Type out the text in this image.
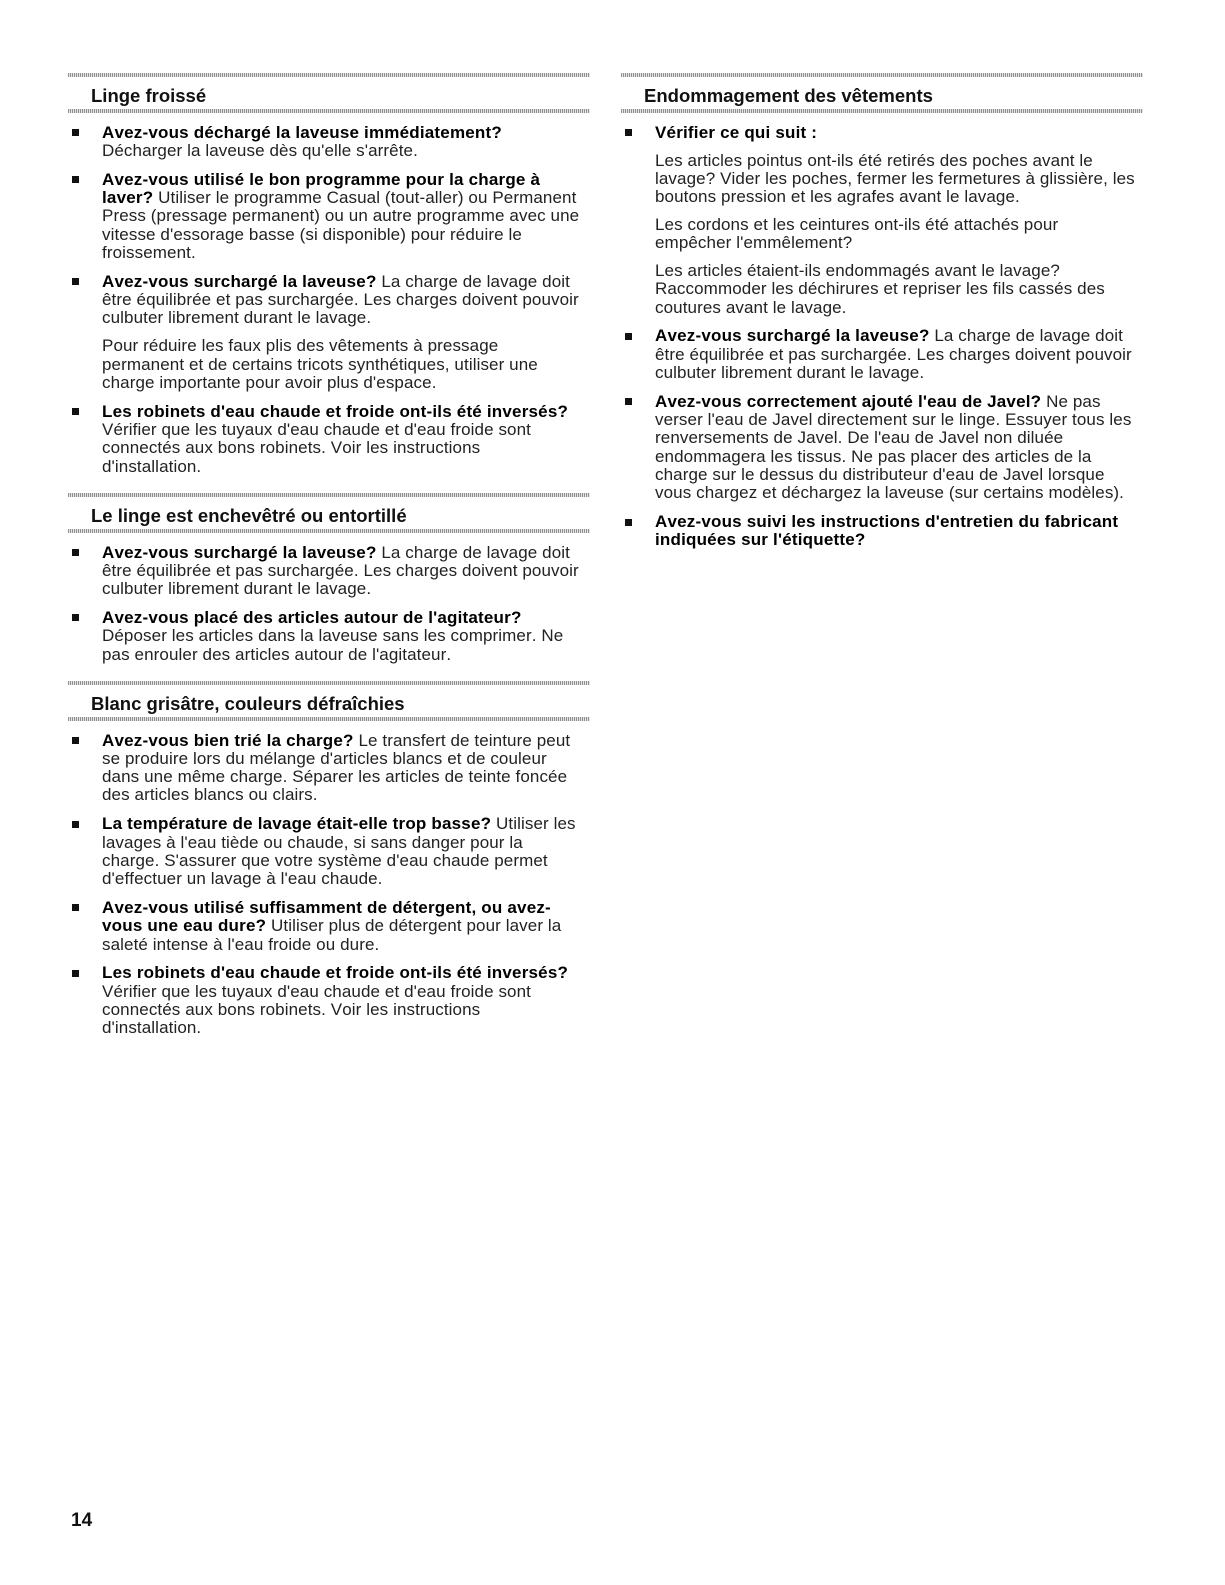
Linge froissé
Avez-vous déchargé la laveuse immédiatement?
Décharger la laveuse dès qu'elle s'arrête.
Avez-vous utilisé le bon programme pour la charge à
laver? Utiliser le programme Casual (tout-aller) ou Permanent
Press (pressage permanent) ou un autre programme avec une
vitesse d'essorage basse (si disponible) pour réduire le
froissement.
Avez-vous surchargé la laveuse? La charge de lavage doit
être équilibrée et pas surchargée. Les charges doivent pouvoir
culbuter librement durant le lavage.
Pour réduire les faux plis des vêtements à pressage
permanent et de certains tricots synthétiques, utiliser une
charge importante pour avoir plus d'espace.
Les robinets d'eau chaude et froide ont-ils été inversés?
Vérifier que les tuyaux d'eau chaude et d'eau froide sont
connectés aux bons robinets. Voir les instructions
d'installation.
Le linge est enchevêtré ou entortillé
Avez-vous surchargé la laveuse? La charge de lavage doit
être équilibrée et pas surchargée. Les charges doivent pouvoir
culbuter librement durant le lavage.
Avez-vous placé des articles autour de l'agitateur?
Déposer les articles dans la laveuse sans les comprimer. Ne
pas enrouler des articles autour de l'agitateur.
Blanc grisâtre, couleurs défraîchies
Avez-vous bien trié la charge? Le transfert de teinture peut
se produire lors du mélange d'articles blancs et de couleur
dans une même charge. Séparer les articles de teinte foncée
des articles blancs ou clairs.
La température de lavage était-elle trop basse? Utiliser les
lavages à l'eau tiède ou chaude, si sans danger pour la
charge. S'assurer que votre système d'eau chaude permet
d'effectuer un lavage à l'eau chaude.
Avez-vous utilisé suffisamment de détergent, ou avez-
vous une eau dure? Utiliser plus de détergent pour laver la
saleté intense à l'eau froide ou dure.
Les robinets d'eau chaude et froide ont-ils été inversés?
Vérifier que les tuyaux d'eau chaude et d'eau froide sont
connectés aux bons robinets. Voir les instructions
d'installation.
Endommagement des vêtements
Vérifier ce qui suit :
Les articles pointus ont-ils été retirés des poches avant le
lavage? Vider les poches, fermer les fermetures à glissière, les
boutons pression et les agrafes avant le lavage.
Les cordons et les ceintures ont-ils été attachés pour
empêcher l'emmêlement?
Les articles étaient-ils endommagés avant le lavage?
Raccommoder les déchirures et repriser les fils cassés des
coutures avant le lavage.
Avez-vous surchargé la laveuse? La charge de lavage doit
être équilibrée et pas surchargée. Les charges doivent pouvoir
culbuter librement durant le lavage.
Avez-vous correctement ajouté l'eau de Javel? Ne pas
verser l'eau de Javel directement sur le linge. Essuyer tous les
renversements de Javel. De l'eau de Javel non diluée
endommagera les tissus. Ne pas placer des articles de la
charge sur le dessus du distributeur d'eau de Javel lorsque
vous chargez et déchargez la laveuse (sur certains modèles).
Avez-vous suivi les instructions d'entretien du fabricant
indiquées sur l'étiquette?
14
